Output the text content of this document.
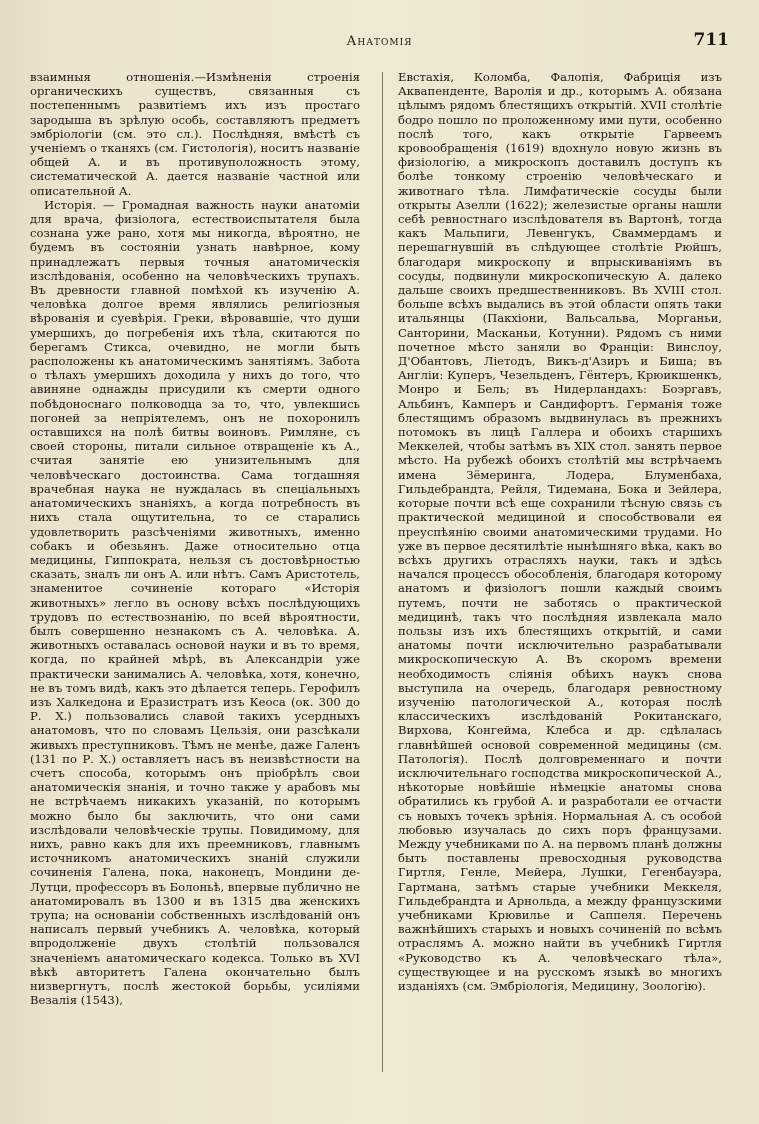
Анатомія	711

взаимныя отношенія.—Измѣненія строенія органическихъ существъ, связанныя съ постепеннымъ развитіемъ ихъ изъ простаго зародыша въ зрѣлую особь, составляютъ предметъ эмбріологіи (см. это сл.). Послѣдняя, вмѣстѣ съ ученіемъ о тканяхъ (см. Гистологія), носитъ названіе общей А. и въ противуположность этому, систематической А. дается названіе частной или описательной А.

Исторія. — Громадная важность науки анатоміи для врача, физіолога, естествоиспытателя была сознана уже рано, хотя мы никогда, вѣроятно, не будемъ въ состояніи узнать навѣрное, кому принадлежатъ первыя точныя анатомическія изслѣдованія, особенно на человѣческихъ трупахъ. Въ древности главной помѣхой къ изученію А. человѣка долгое время являлись религіозныя вѣрованія и суевѣрія. Греки, вѣровавшіе, что души умершихъ, до погребенія ихъ тѣла, скитаются по берегамъ Стикса, очевидно, не могли быть расположены къ анатомическимъ занятіямъ. Забота о тѣлахъ умершихъ доходила у нихъ до того, что авиняне однажды присудили къ смерти одного побѣдоноснаго полководца за то, что, увлекшись погоней за непріятелемъ, онъ не похоронилъ оставшихся на полѣ битвы воиновъ. Римляне, съ своей стороны, питали сильное отвращеніе къ А., считая занятіе ею унизительнымъ для человѣческаго достоинства. Сама тогдашняя врачебная наука не нуждалась въ спеціальныхъ анатомическихъ знаніяхъ, а когда потребность въ нихъ стала ощутительна, то се старались удовлетворить разсѣченіями животныхъ, именно собакъ и обезьянъ. Даже относительно отца медицины, Гиппократа, нельзя съ достовѣрностью сказать, зналъ ли онъ А. или нѣтъ. Самъ Аристотель, знаменитое сочиненіе котораго «Исторія животныхъ» легло въ основу всѣхъ послѣдующихъ трудовъ по естествознанію, по всей вѣроятности, былъ совершенно незнакомъ съ А. человѣка. А. животныхъ оставалась основой науки и въ то время, когда, по крайней мѣрѣ, въ Александріи уже практически занимались А. человѣка, хотя, конечно, не въ томъ видѣ, какъ это дѣлается теперь. Герофилъ изъ Халкедона и Еразистратъ изъ Кеоса (ок. 300 до Р. Х.) пользовались славой такихъ усердныхъ анатомовъ, что по словамъ Цельзія, они разсѣкали живыхъ преступниковъ. Тѣмъ не менѣе, даже Галенъ (131 по Р. Х.) оставляетъ насъ въ неизвѣстности на счетъ способа, которымъ онъ пріобрѣлъ свои анатомическія знанія, и точно также у арабовъ мы не встрѣчаемъ никакихъ указаній, по которымъ можно было бы заключить, что они сами изслѣдовали человѣческіе трупы. Повидимому, для нихъ, равно какъ для ихъ преемниковъ, главнымъ источникомъ анатомическихъ знаній служили сочиненія Галена, пока, наконецъ, Мондини де-Лутци, профессоръ въ Болоньѣ, впервые публично не анатомировалъ въ 1300 и въ 1315 два женскихъ трупа; на основаніи собственныхъ изслѣдованій онъ написалъ первый учебникъ А. человѣка, который впродолженіе двухъ столѣтій пользовался значеніемъ анатомическаго кодекса. Только въ XVI вѣкѣ авторитетъ Галена окончательно былъ низвергнутъ, послѣ жестокой борьбы, усиліями Везалія (1543),

Евстахія, Коломба, Фалопія, Фабриція изъ Аквапенденте, Варолія и др., которымъ А. обязана цѣлымъ рядомъ блестящихъ открытій. XVII столѣтіе бодро пошло по проложенному ими пути, особенно послѣ того, какъ открытіе Гарвеемъ кровообращенія (1619) вдохнуло новую жизнь въ физіологію, а микроскопъ доставилъ доступъ къ болѣе тонкому строенію человѣческаго и животнаго тѣла. Лимфатическіе сосуды были открыты Азелли (1622); железистые органы нашли себѣ ревностнаго изслѣдователя въ Вартонѣ, тогда какъ Мальпиги, Левенгукъ, Сваммердамъ и перешагнувшій въ слѣдующее столѣтіе Рюйшъ, благодаря микроскопу и впрыскиваніямъ въ сосуды, подвинули микроскопическую А. далеко дальше своихъ предшественниковъ. Въ XVIII стол. больше всѣхъ выдались въ этой области опять таки итальянцы (Пакхіони, Вальсальва, Морганьи, Санторини, Масканьи, Котунни). Рядомъ съ ними почетное мѣсто заняли во Франціи: Винслоу, Д'Обантовъ, Ліетодъ, Викъ-д'Азиръ и Биша; въ Англіи: Куперъ, Чезельденъ, Гёнтеръ, Крюикшенкъ, Монро и Бель; въ Нидерландахъ: Боэргавъ, Альбинъ, Камперъ и Сандифортъ. Германія тоже блестящимъ образомъ выдвинулась въ прежнихъ потомокъ въ лицѣ Галлера и обоихъ старшихъ Меккелей, чтобы затѣмъ въ XIX стол. занять первое мѣсто. На рубежѣ обоихъ столѣтій мы встрѣчаемъ имена Зёмеринга, Лодера, Блуменбаха, Гильдебрандта, Рейля, Тидемана, Бока и Зейлера, которые почти всѣ еще сохранили тѣсную связь съ практической медициной и способствовали ея преуспѣянію своими анатомическими трудами. Но уже въ первое десятилѣтіе нынѣшняго вѣка, какъ во всѣхъ другихъ отрасляхъ науки, такъ и здѣсь начался процессъ обособленія, благодаря которому анатомъ и физіологъ пошли каждый своимъ путемъ, почти не заботясь о практической медицинѣ, такъ что послѣдняя извлекала мало пользы изъ ихъ блестящихъ открытій, и сами анатомы почти исключительно разрабатывали микроскопическую А. Въ скоромъ времени необходимость сліянія обѣихъ наукъ снова выступила на очередь, благодаря ревностному изученію патологической А., которая послѣ классическихъ изслѣдованій Рокитанскаго, Вирхова, Конгейма, Клебса и др. сдѣлалась главнѣйшей основой современной медицины (см. Патологія). Послѣ долговременнаго и почти исключительнаго господства микроскопической А., нѣкоторые новѣйшіе нѣмецкіе анатомы снова обратились къ грубой А. и разработали ее отчасти съ новыхъ точекъ зрѣнія. Нормальная А. съ особой любовью изучалась до сихъ поръ французами. Между учебниками по А. на первомъ планѣ должны быть поставлены превосходныя руководства Гиртля, Генле, Мейера, Лушки, Гегенбауэра, Гартмана, затѣмъ старые учебники Меккеля, Гильдебрандта и Арнольда, а между французскими учебниками Крювилье и Саппеля. Перечень важнѣйшихъ старыхъ и новыхъ сочиненій по всѣмъ отраслямъ А. можно найти въ учебникѣ Гиртля «Руководство къ А. человѣческаго тѣла», существующее и на русскомъ языкѣ во многихъ изданіяхъ (см. Эмбріологія, Медицину, Зоологію).
